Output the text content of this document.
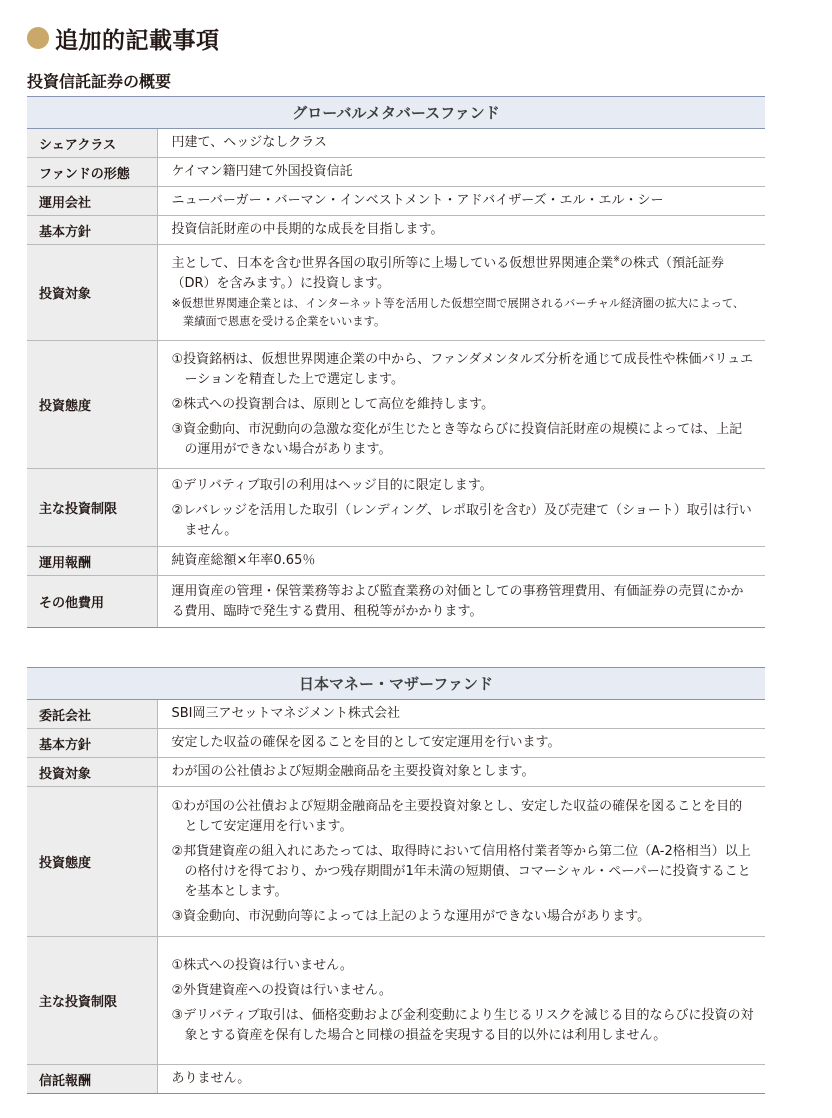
追加的記載事項
投資信託証券の概要
グローバルメタバースファンド	
シェアクラス	円建て、ヘッジなしクラス
ファンドの形態	ケイマン籍円建て外国投資信託
運用会社	ニューバーガー・バーマン・インベストメント・アドバイザーズ・エル・エル・シー
基本方針	投資信託財産の中長期的な成長を目指します。
投資対象	主として、日本を含む世界各国の取引所等に上場している仮想世界関連企業※の株式（預託証券（DR）を含みます。）に投資します。
※仮想世界関連企業とは、インターネット等を活用した仮想空間で展開されるバーチャル経済圏の拡大によって、業績面で恩恵を受ける企業をいいます。

投資態度	①投資銘柄は、仮想世界関連企業の中から、ファンダメンタルズ分析を通じて成長性や株価バリュエーションを精査した上で選定します。
②株式への投資割合は、原則として高位を維持します。
③資金動向、市況動向の急激な変化が生じたとき等ならびに投資信託財産の規模によっては、上記の運用ができない場合があります。

主な投資制限	①デリバティブ取引の利用はヘッジ目的に限定します。
②レバレッジを活用した取引（レンディング、レポ取引を含む）及び売建て（ショート）取引は行いません。

運用報酬	純資産総額×年率0.65％
その他費用	運用資産の管理・保管業務等および監査業務の対価としての事務管理費用、有価証券の売買にかかる費用、臨時で発生する費用、租税等がかかります。
日本マネー・マザーファンド	
委託会社	SBI岡三アセットマネジメント株式会社
基本方針	安定した収益の確保を図ることを目的として安定運用を行います。
投資対象	わが国の公社債および短期金融商品を主要投資対象とします。
投資態度	①わが国の公社債および短期金融商品を主要投資対象とし、安定した収益の確保を図ることを目的として安定運用を行います。
②邦貨建資産の組入れにあたっては、取得時において信用格付業者等から第二位（A-2格相当）以上の格付けを得ており、かつ残存期間が1年未満の短期債、コマーシャル・ペーパーに投資することを基本とします。
③資金動向、市況動向等によっては上記のような運用ができない場合があります。

主な投資制限	①株式への投資は行いません。
②外貨建資産への投資は行いません。
③デリバティブ取引は、価格変動および金利変動により生じるリスクを減じる目的ならびに投資の対象とする資産を保有した場合と同様の損益を実現する目的以外には利用しません。

信託報酬	ありません。
